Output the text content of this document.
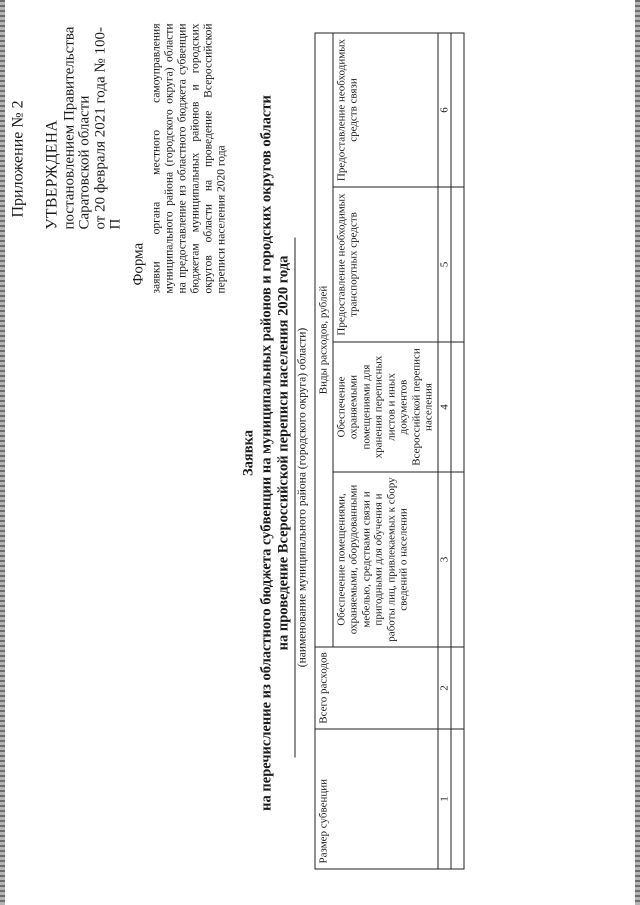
Приложение № 2 УТВЕРЖДЕНА постановлением Правительства Саратовской области от 20 февраля 2021 года № 100-П
Форма заявки органа местного самоуправления муниципального района (городского округа) области на предоставление из областного бюджета субвенции бюджетам муниципальных районов и городских округов области на проведение Всероссийской переписи населения 2020 года
Заявка на перечисление из областного бюджета субвенции на муниципальных районов и городских округов области на проведение Всероссийской переписи населения 2020 года (наименование муниципального района (городского округа) области)
Размер субвенции	Всего расходов	Виды расходов, рублей			
		Обеспечение помещениями, охраняемыми, оборудованными мебелью, средствами связи и пригодными для обучения и работы лиц, привлекаемых к сбору сведений о населении	Обеспечение охраняемыми помещениями для хранения переписных листов и иных документов Всероссийской переписи населения	Предоставление необходимых транспортных средств	Предоставление необходимых средств связи
1	2	3	4	5	6
